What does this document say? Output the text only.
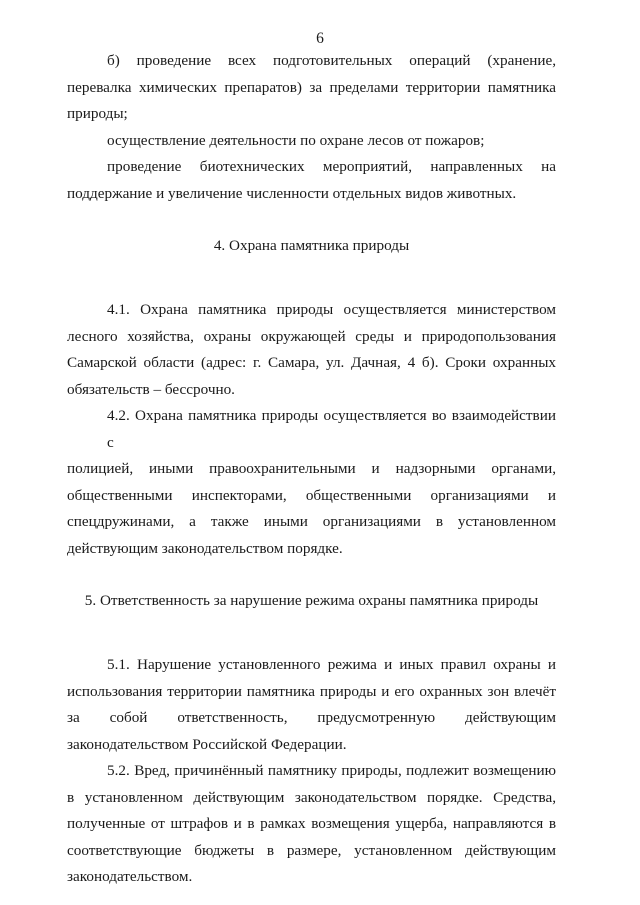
6

б) проведение всех подготовительных операций (хранение,
перевалка химических препаратов) за пределами территории памятника
природы;

осуществление деятельности по охране лесов от пожаров;

проведение биотехнических мероприятий, направленных на
поддержание и увеличение численности отдельных видов животных.

4. Охрана памятника природы

4.1. Охрана памятника природы осуществляется министерством
лесного хозяйства, охраны окружающей среды и природопользования
Самарской области (адрес: г. Самара, ул. Дачная, 4 б). Сроки охранных
обязательств – бессрочно.

4.2. Охрана памятника природы осуществляется во взаимодействии с
полицией, иными правоохранительными и надзорными органами,
общественными инспекторами, общественными организациями и
спецдружинами, а также иными организациями в установленном
действующим законодательством порядке.

5. Ответственность за нарушение режима охраны памятника природы

5.1. Нарушение установленного режима и иных правил охраны и
использования территории памятника природы и его охранных зон влечёт
за собой ответственность, предусмотренную действующим
законодательством Российской Федерации.

5.2. Вред, причинённый памятнику природы, подлежит возмещению
в установленном действующим законодательством порядке. Средства,
полученные от штрафов и в рамках возмещения ущерба, направляются в
соответствующие бюджеты в размере, установленном действующим
законодательством.
